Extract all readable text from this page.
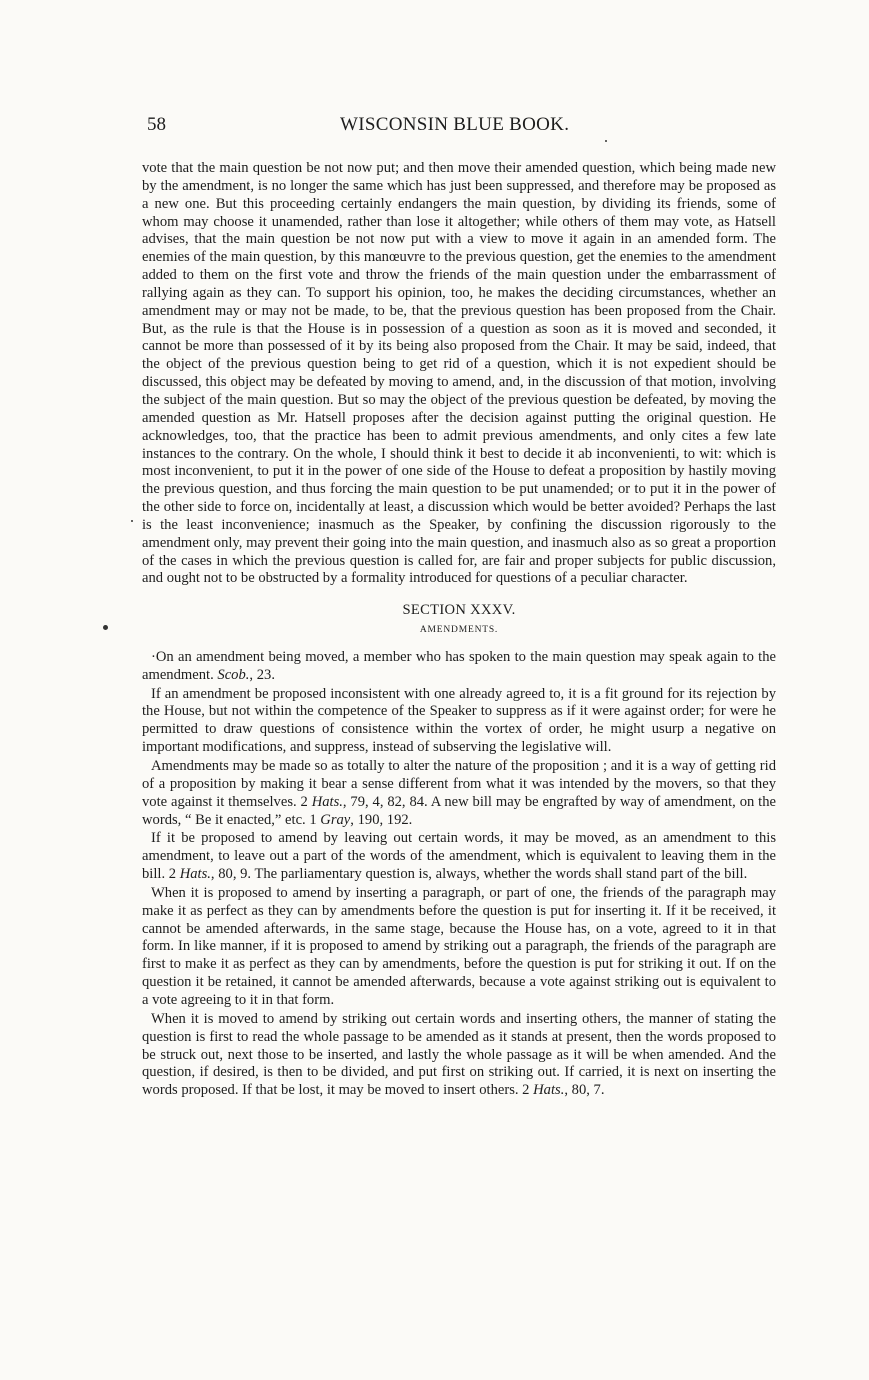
58	WISCONSIN BLUE BOOK.

vote that the main question be not now put; and then move their amended question, which being made new by the amendment, is no longer the same which has just been suppressed, and therefore may be proposed as a new one. But this proceeding certainly endangers the main question, by dividing its friends, some of whom may choose it unamended, rather than lose it altogether; while others of them may vote, as Hatsell advises, that the main question be not now put with a view to move it again in an amended form. The enemies of the main question, by this manœuvre to the previous question, get the enemies to the amendment added to them on the first vote and throw the friends of the main question under the embarrassment of rallying again as they can. To support his opinion, too, he makes the deciding circumstances, whether an amendment may or may not be made, to be, that the previous question has been proposed from the Chair. But, as the rule is that the House is in possession of a question as soon as it is moved and seconded, it cannot be more than possessed of it by its being also proposed from the Chair. It may be said, indeed, that the object of the previous question being to get rid of a question, which it is not expedient should be discussed, this object may be defeated by moving to amend, and, in the discussion of that motion, involving the subject of the main question. But so may the object of the previous question be defeated, by moving the amended question as Mr. Hatsell proposes after the decision against putting the original question. He acknowledges, too, that the practice has been to admit previous amendments, and only cites a few late instances to the contrary. On the whole, I should think it best to decide it ab inconvenienti, to wit: which is most inconvenient, to put it in the power of one side of the House to defeat a proposition by hastily moving the previous question, and thus forcing the main question to be put unamended; or to put it in the power of the other side to force on, incidentally at least, a discussion which would be better avoided? Perhaps the last is the least inconvenience; inasmuch as the Speaker, by confining the discussion rigorously to the amendment only, may prevent their going into the main question, and inasmuch also as so great a proportion of the cases in which the previous question is called for, are fair and proper subjects for public discussion, and ought not to be obstructed by a formality introduced for questions of a peculiar character.

SECTION XXXV.
AMENDMENTS.

·On an amendment being moved, a member who has spoken to the main question may speak again to the amendment. Scob., 23.

If an amendment be proposed inconsistent with one already agreed to, it is a fit ground for its rejection by the House, but not within the competence of the Speaker to suppress as if it were against order; for were he permitted to draw questions of consistence within the vortex of order, he might usurp a negative on important modifications, and suppress, instead of subserving the legislative will.

Amendments may be made so as totally to alter the nature of the proposition ; and it is a way of getting rid of a proposition by making it bear a sense different from what it was intended by the movers, so that they vote against it themselves. 2 Hats., 79, 4, 82, 84. A new bill may be engrafted by way of amendment, on the words, “ Be it enacted,” etc. 1 Gray, 190, 192.

If it be proposed to amend by leaving out certain words, it may be moved, as an amendment to this amendment, to leave out a part of the words of the amendment, which is equivalent to leaving them in the bill. 2 Hats., 80, 9. The parliamentary question is, always, whether the words shall stand part of the bill.

When it is proposed to amend by inserting a paragraph, or part of one, the friends of the paragraph may make it as perfect as they can by amendments before the question is put for inserting it. If it be received, it cannot be amended afterwards, in the same stage, because the House has, on a vote, agreed to it in that form. In like manner, if it is proposed to amend by striking out a paragraph, the friends of the paragraph are first to make it as perfect as they can by amendments, before the question is put for striking it out. If on the question it be retained, it cannot be amended afterwards, because a vote against striking out is equivalent to a vote agreeing to it in that form.

When it is moved to amend by striking out certain words and inserting others, the manner of stating the question is first to read the whole passage to be amended as it stands at present, then the words proposed to be struck out, next those to be inserted, and lastly the whole passage as it will be when amended. And the question, if desired, is then to be divided, and put first on striking out. If carried, it is next on inserting the words proposed. If that be lost, it may be moved to insert others. 2 Hats., 80, 7.
